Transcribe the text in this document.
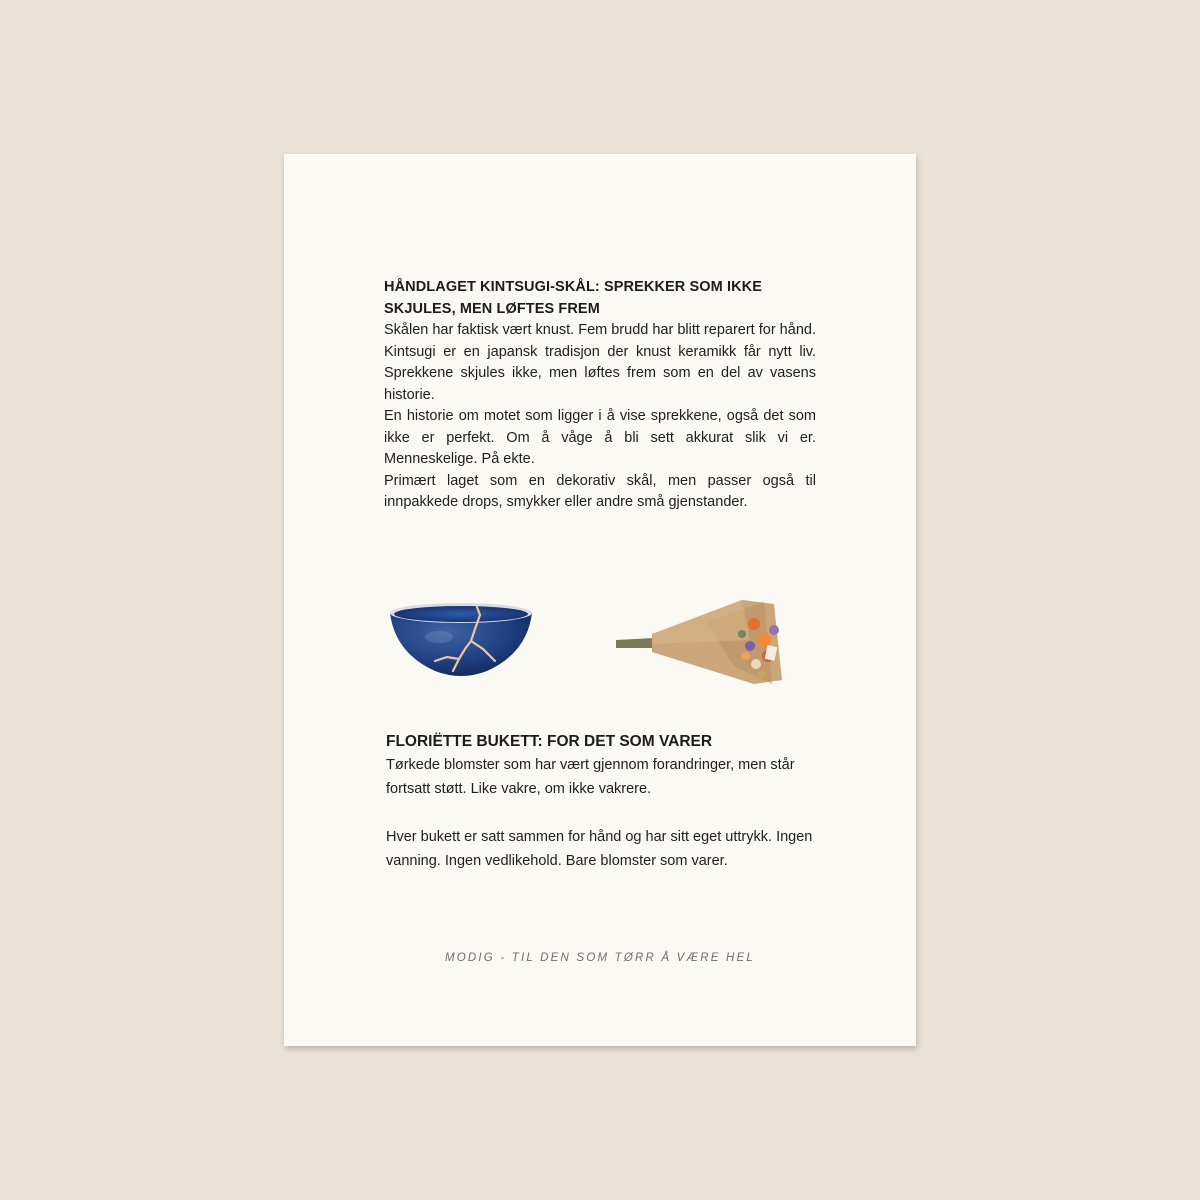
HÅNDLAGET KINTSUGI-SKÅL: SPREKKER SOM IKKE SKJULES, MEN LØFTES FREM

Skålen har faktisk vært knust. Fem brudd har blitt reparert for hånd.

Kintsugi er en japansk tradisjon der knust keramikk får nytt liv. Sprekkene skjules ikke, men løftes frem som en del av vasens historie.

En historie om motet som ligger i å vise sprekkene, også det som ikke er perfekt. Om å våge å bli sett akkurat slik vi er. Menneskelige. På ekte.

Primært laget som en dekorativ skål, men passer også til innpakkede drops, smykker eller andre små gjenstander.

FLORIËTTE BUKETT: FOR DET SOM VARER

Tørkede blomster som har vært gjennom forandringer, men står fortsatt støtt. Like vakre, om ikke vakrere.

Hver bukett er satt sammen for hånd og har sitt eget uttrykk. Ingen vanning. Ingen vedlikehold. Bare blomster som varer.

MODIG - TIL DEN SOM TØRR Å VÆRE HEL
